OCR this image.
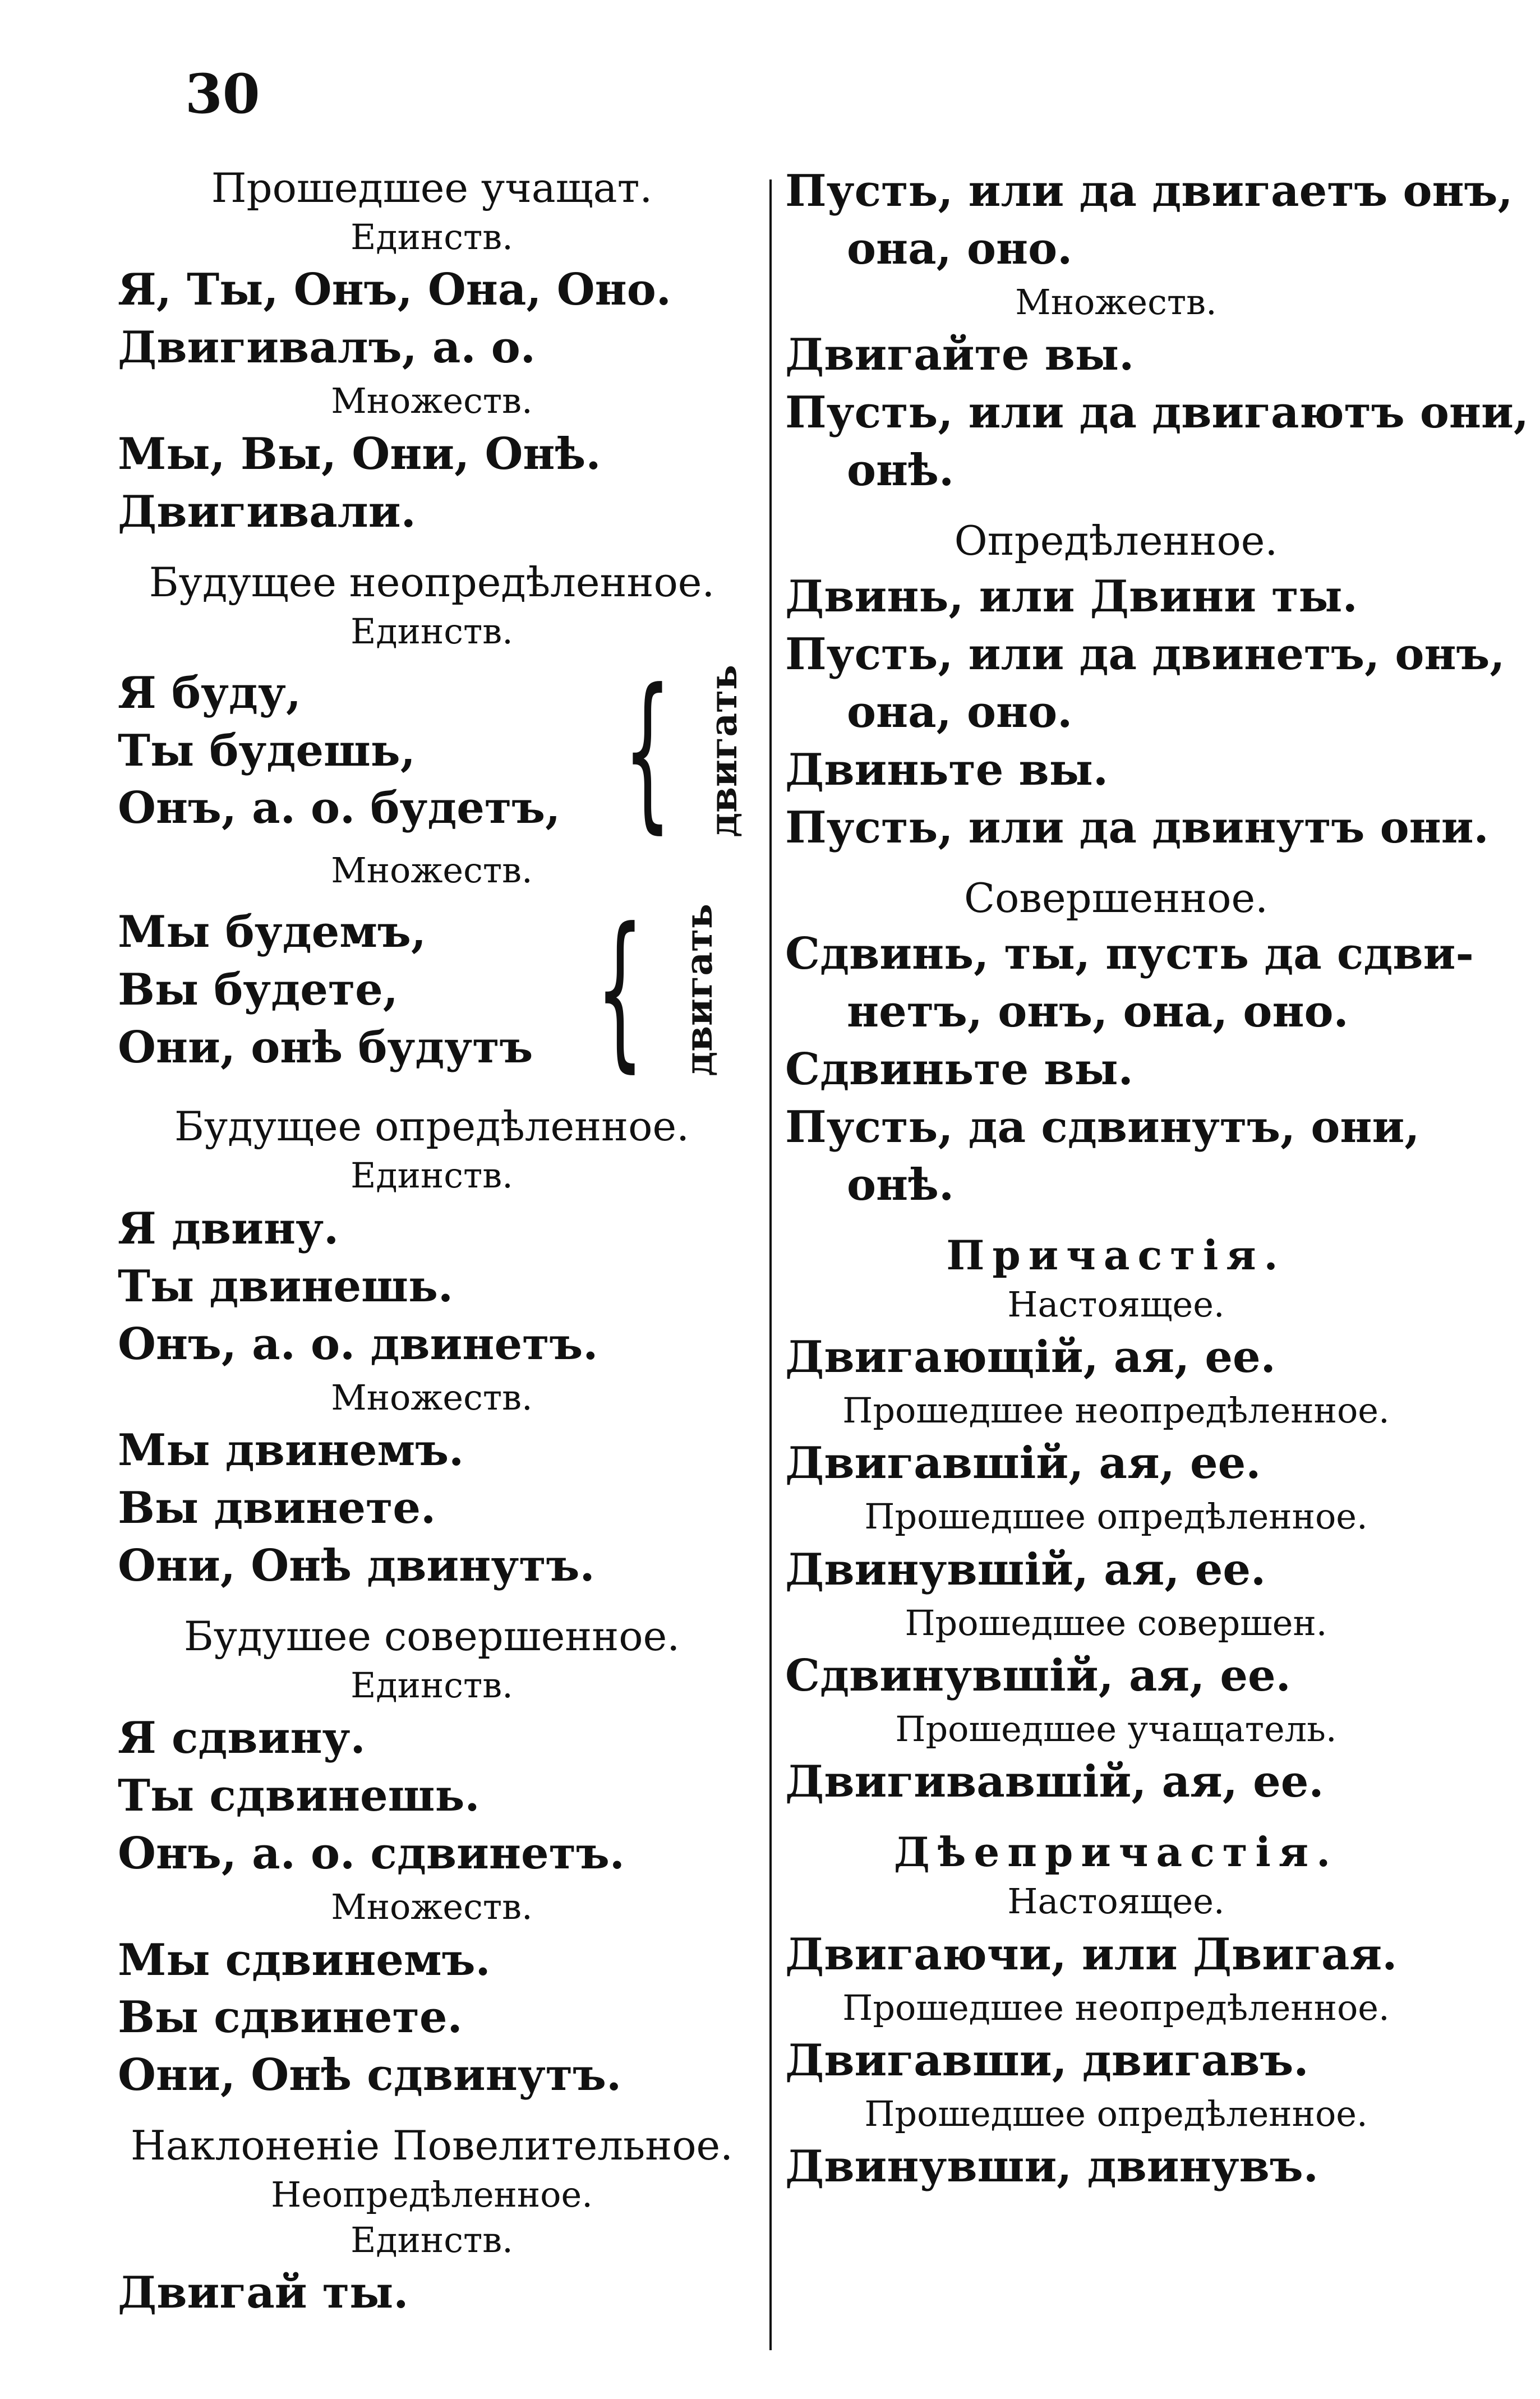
30
Прошедшее учащат.
Единств.
Я, Ты, Онъ, Она, Оно.
Двигивалъ, а. о.
Множеств.
Мы, Вы, Они, Онѣ.
Двигивали.
Будущее неопредѣленное.
Единств.
Я буду,
Ты будешь,
Онъ, а. о. будетъ, { двигать
Множеств.
Мы будемъ,
Вы будете,
Они, онѣ будутъ { двигать
Будущее опредѣленное.
Единств.
Я двину.
Ты двинешь.
Онъ, а. о. двинетъ.
Множеств.
Мы двинемъ.
Вы двинете.
Они, Онѣ двинутъ.
Будушее совершенное.
Единств.
Я сдвину.
Ты сдвинешь.
Онъ, а. о. сдвинетъ.
Множеств.
Мы сдвинемъ.
Вы сдвинете.
Они, Онѣ сдвинутъ.
Наклоненіе Повелительное.
Неопредѣленное.
Единств.
Двигай ты.
Пусть, или да двигаетъ онъ,
она, оно.
Множеств.
Двигайте вы.
Пусть, или да двигаютъ они,
онѣ.
Опредѣленное.
Двинь, или Двини ты.
Пусть, или да двинетъ, онъ,
она, оно.
Двиньте вы.
Пусть, или да двинутъ они.
Совершенное.
Сдвинь, ты, пусть да сдви-
нетъ, онъ, она, оно.
Сдвиньте вы.
Пусть, да сдвинутъ, они,
онѣ.
Причастія.
Настоящее.
Двигающій, ая, ее.
Прошедшее неопредѣленное.
Двигавшій, ая, ее.
Прошедшее опредѣленное.
Двинувшій, ая, ее.
Прошедшее совершен.
Сдвинувшій, ая, ее.
Прошедшее учащатель.
Двигивавшій, ая, ее.
Дѣепричастія.
Настоящее.
Двигаючи, или Двигая.
Прошедшее неопредѣленное.
Двигавши, двигавъ.
Прошедшее опредѣленное.
Двинувши, двинувъ.
